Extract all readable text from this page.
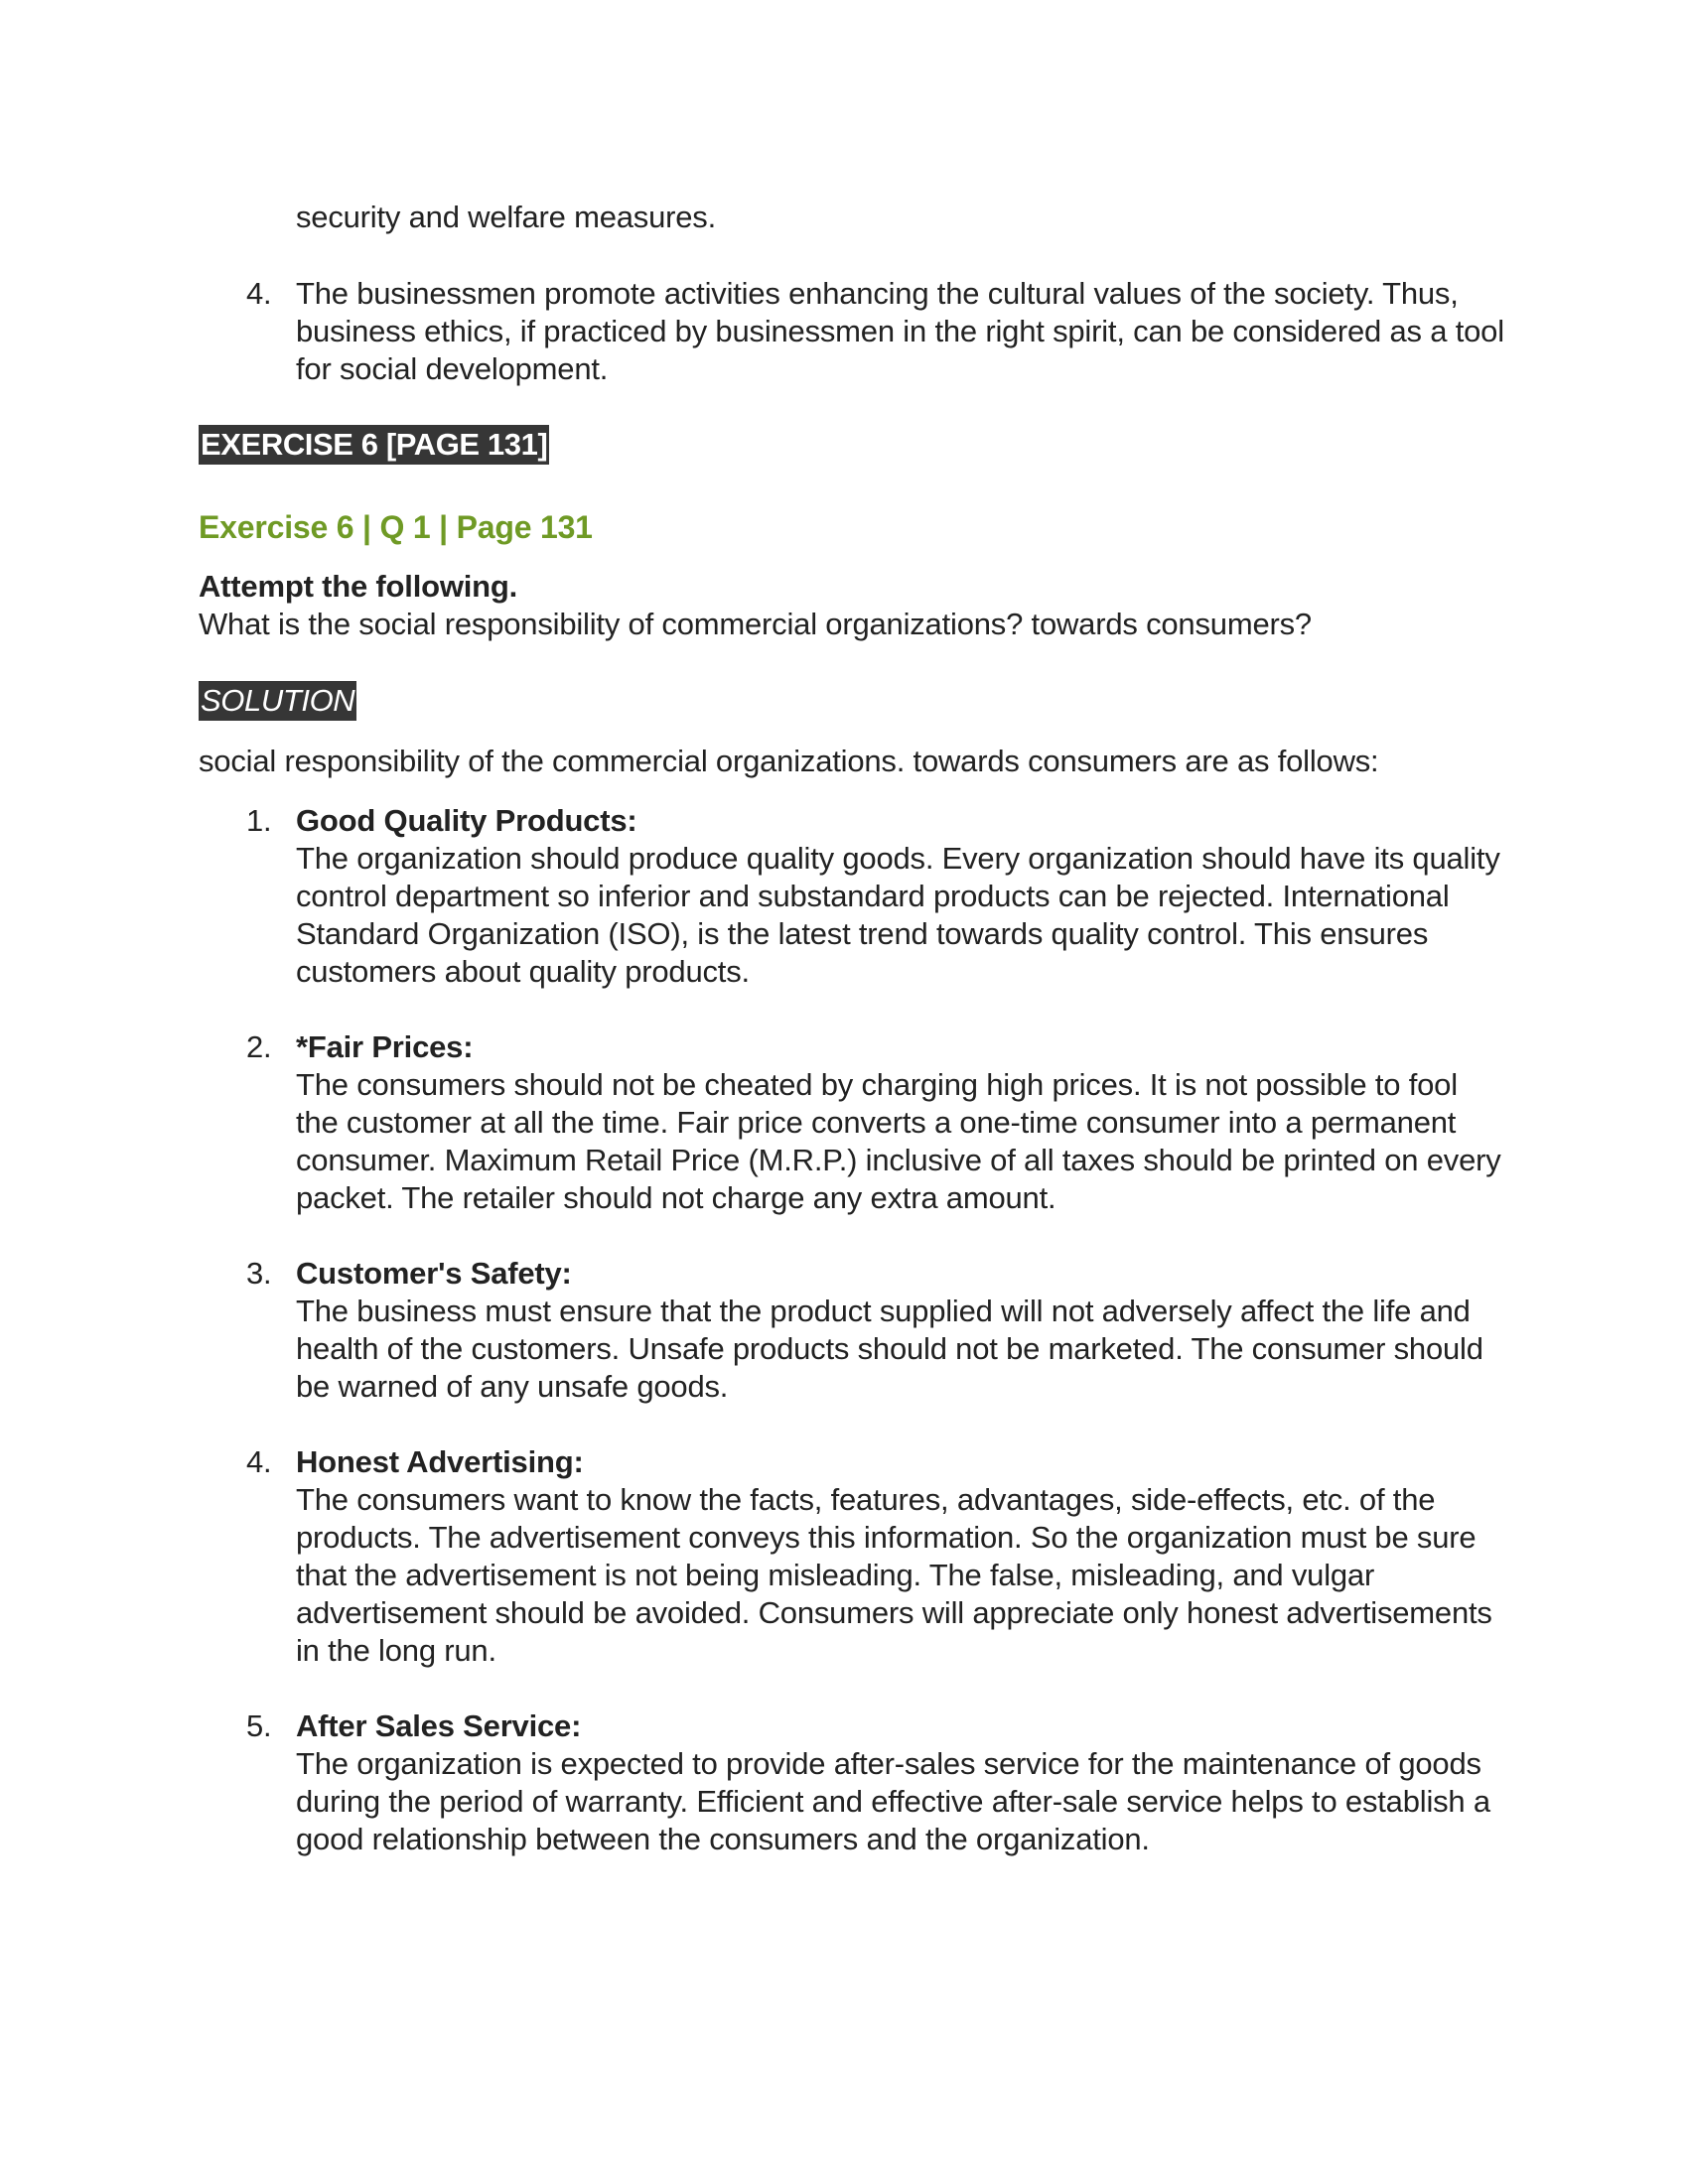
security and welfare measures.
4. The businessmen promote activities enhancing the cultural values of the society. Thus, business ethics, if practiced by businessmen in the right spirit, can be considered as a tool for social development.
EXERCISE 6 [PAGE 131]
Exercise 6 | Q 1 | Page 131
Attempt the following.
What is the social responsibility of commercial organizations? towards consumers?
SOLUTION
social responsibility of the commercial organizations. towards consumers are as follows:
1. Good Quality Products:
The organization should produce quality goods. Every organization should have its quality control department so inferior and substandard products can be rejected. International Standard Organization (ISO), is the latest trend towards quality control. This ensures customers about quality products.
2. *Fair Prices:
The consumers should not be cheated by charging high prices. It is not possible to fool the customer at all the time. Fair price converts a one-time consumer into a permanent consumer. Maximum Retail Price (M.R.P.) inclusive of all taxes should be printed on every packet. The retailer should not charge any extra amount.
3. Customer's Safety:
The business must ensure that the product supplied will not adversely affect the life and health of the customers. Unsafe products should not be marketed. The consumer should be warned of any unsafe goods.
4. Honest Advertising:
The consumers want to know the facts, features, advantages, side-effects, etc. of the products. The advertisement conveys this information. So the organization must be sure that the advertisement is not being misleading. The false, misleading, and vulgar advertisement should be avoided. Consumers will appreciate only honest advertisements in the long run.
5. After Sales Service:
The organization is expected to provide after-sales service for the maintenance of goods during the period of warranty. Efficient and effective after-sale service helps to establish a good relationship between the consumers and the organization.
